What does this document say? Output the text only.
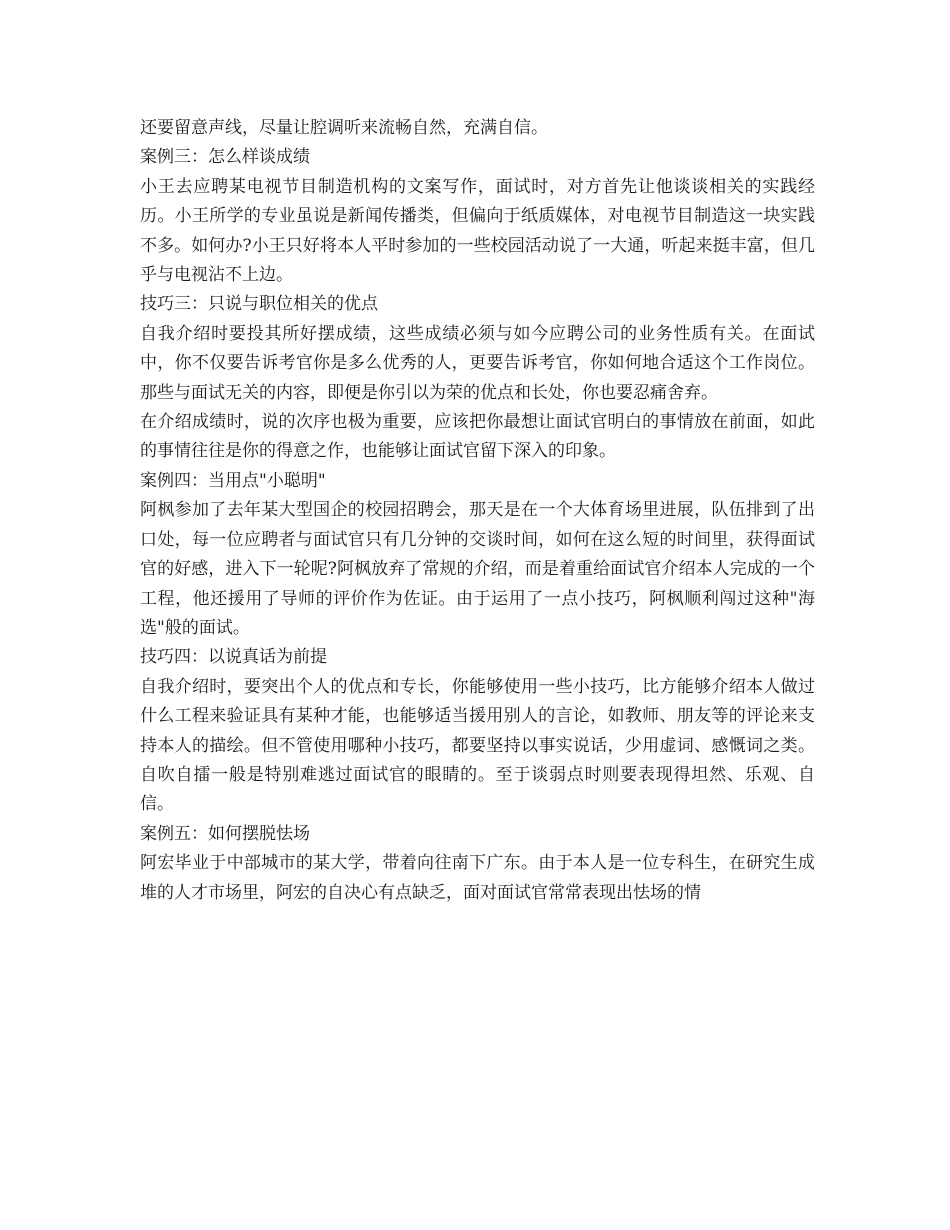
还要留意声线，尽量让腔调听来流畅自然，充满自信。

案例三：怎么样谈成绩

小王去应聘某电视节目制造机构的文案写作，面试时，对方首先让他谈谈相关的实践经历。小王所学的专业虽说是新闻传播类，但偏向于纸质媒体，对电视节目制造这一块实践不多。如何办?小王只好将本人平时参加的一些校园活动说了一大通，听起来挺丰富，但几乎与电视沾不上边。

技巧三：只说与职位相关的优点

自我介绍时要投其所好摆成绩，这些成绩必须与如今应聘公司的业务性质有关。在面试中，你不仅要告诉考官你是多么优秀的人，更要告诉考官，你如何地合适这个工作岗位。那些与面试无关的内容，即便是你引以为荣的优点和长处，你也要忍痛舍弃。

在介绍成绩时，说的次序也极为重要，应该把你最想让面试官明白的事情放在前面，如此的事情往往是你的得意之作，也能够让面试官留下深入的印象。

案例四：当用点"小聪明"

阿枫参加了去年某大型国企的校园招聘会，那天是在一个大体育场里进展，队伍排到了出口处，每一位应聘者与面试官只有几分钟的交谈时间，如何在这么短的时间里，获得面试官的好感，进入下一轮呢?阿枫放弃了常规的介绍，而是着重给面试官介绍本人完成的一个工程，他还援用了导师的评价作为佐证。由于运用了一点小技巧，阿枫顺利闯过这种"海选"般的面试。

技巧四：以说真话为前提

自我介绍时，要突出个人的优点和专长，你能够使用一些小技巧，比方能够介绍本人做过什么工程来验证具有某种才能，也能够适当援用别人的言论，如教师、朋友等的评论来支持本人的描绘。但不管使用哪种小技巧，都要坚持以事实说话，少用虚词、感慨词之类。自吹自擂一般是特别难逃过面试官的眼睛的。至于谈弱点时则要表现得坦然、乐观、自信。

案例五：如何摆脱怯场

阿宏毕业于中部城市的某大学，带着向往南下广东。由于本人是一位专科生，在研究生成堆的人才市场里，阿宏的自决心有点缺乏，面对面试官常常表现出怯场的情
